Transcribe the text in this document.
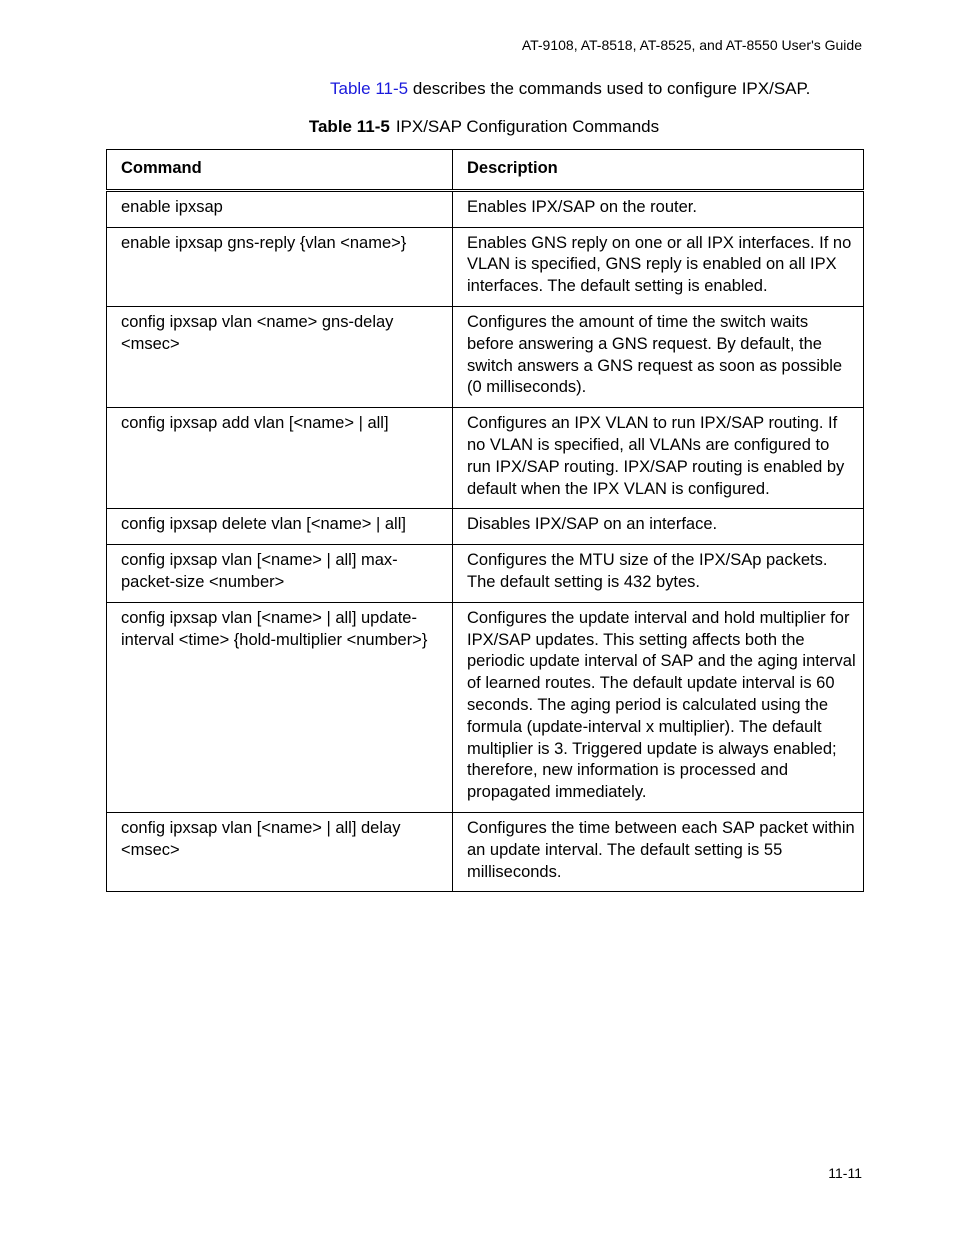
AT-9108, AT-8518, AT-8525, and AT-8550 User's Guide
Table 11-5 describes the commands used to configure IPX/SAP.
Table 11-5 IPX/SAP Configuration Commands
Command	Description
enable ipxsap	Enables IPX/SAP on the router.
enable ipxsap gns-reply {vlan <name>}	Enables GNS reply on one or all IPX interfaces. If no VLAN is specified, GNS reply is enabled on all IPX interfaces. The default setting is enabled.
config ipxsap vlan <name> gns-delay <msec>	Configures the amount of time the switch waits before answering a GNS request. By default, the switch answers a GNS request as soon as possible (0 milliseconds).
config ipxsap add vlan [<name> | all]	Configures an IPX VLAN to run IPX/SAP routing. If no VLAN is specified, all VLANs are configured to run IPX/SAP routing. IPX/SAP routing is enabled by default when the IPX VLAN is configured.
config ipxsap delete vlan [<name> | all]	Disables IPX/SAP on an interface.
config ipxsap vlan [<name> | all] max-packet-size <number>	Configures the MTU size of the IPX/SAp packets. The default setting is 432 bytes.
config ipxsap vlan [<name> | all] update-interval <time> {hold-multiplier <number>}	Configures the update interval and hold multiplier for IPX/SAP updates. This setting affects both the periodic update interval of SAP and the aging interval of learned routes. The default update interval is 60 seconds. The aging period is calculated using the formula (update-interval x multiplier). The default multiplier is 3. Triggered update is always enabled; therefore, new information is processed and propagated immediately.
config ipxsap vlan [<name> | all] delay <msec>	Configures the time between each SAP packet within an update interval. The default setting is 55 milliseconds.
11-11
